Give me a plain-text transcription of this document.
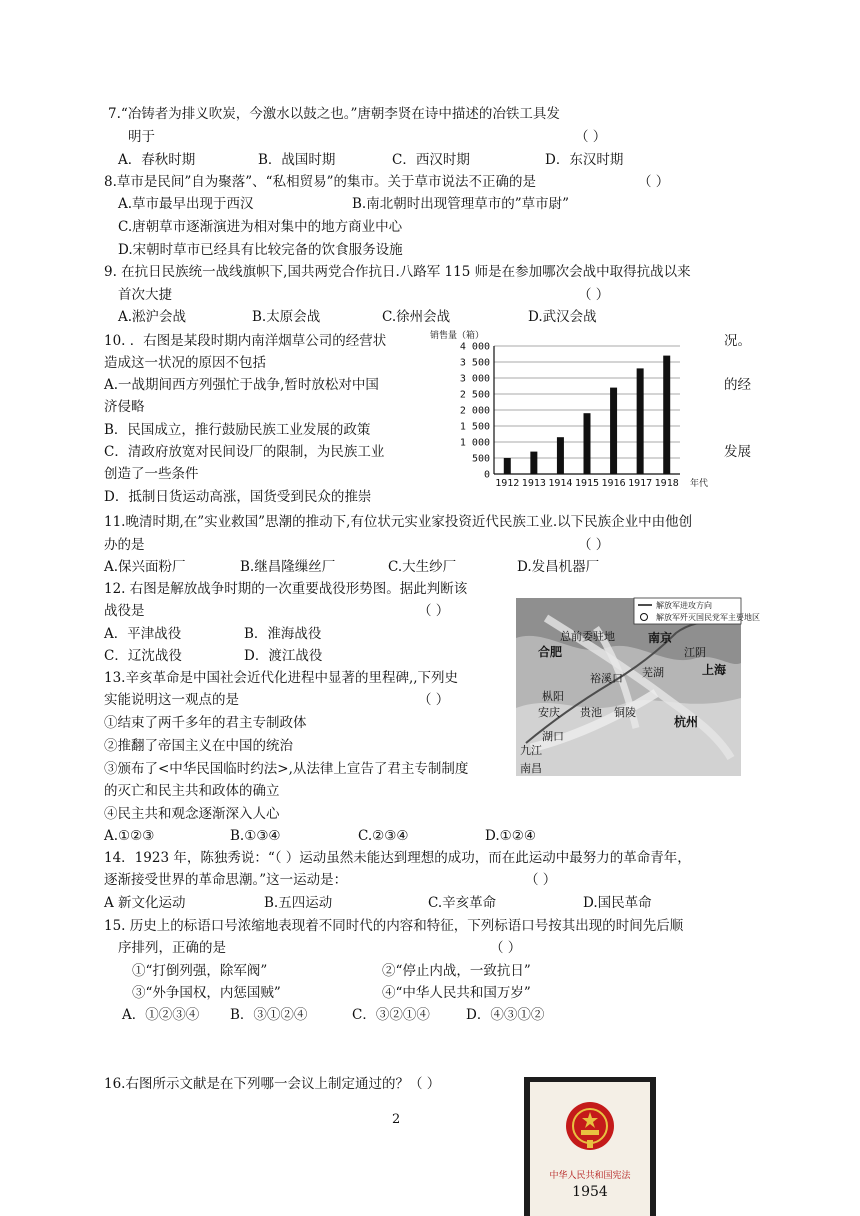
7.“冶铸者为排义吹炭，今激水以鼓之也。”唐朝李贤在诗中描述的冶铁工具发
明于	（ ）
A．春秋时期	B．战国时期	C．西汉时期	D．东汉时期
8.草市是民间”自为聚落”、“私相贸易”的集市。关于草市说法不正确的是	（ ）
A.草市最早出现于西汉	B.南北朝时出现管理草市的”草市尉”
C.唐朝草市逐渐演进为相对集中的地方商业中心
D.宋朝时草市已经具有比较完备的饮食服务设施
9. 在抗日民族统一战线旗帜下,国共两党合作抗日.八路军 115 师是在参加哪次会战中取得抗战以来
首次大捷	（ ）
A.淞沪会战	B.太原会战	C.徐州会战	D.武汉会战
10. ．右图是某段时期内南洋烟草公司的经营状	况。
造成这一状况的原因不包括
A.一战期间西方列强忙于战争,暂时放松对中国	的经
济侵略
B．民国成立，推行鼓励民族工业发展的政策
C．清政府放宽对民间设厂的限制，为民族工业	发展
创造了一些条件
D．抵制日货运动高涨，国货受到民众的推崇
0
500
1 000
1 500
2 000
2 500
3 000
3 500
4 000
1912 1913 1914 1915 1916 1917 1918
销售量（箱）
年代
11.晚清时期,在”实业救国”思潮的推动下,有位状元实业家投资近代民族工业.以下民族企业中由他创
办的是	（ ）
A.保兴面粉厂	B.继昌隆缫丝厂	C.大生纱厂	D.发昌机器厂
12. 右图是解放战争时期的一次重要战役形势图。据此判断该
战役是	（ ）
A．平津战役	B．淮海战役
C．辽沈战役	D．渡江战役
解放军进攻方向
解放军歼灭国民党军主要地区
总前委驻地	南京
江阴
合肥
上海
芜湖
裕溪口
枞阳
安庆 贵池 铜陵
杭州
湖口
九江
南昌
13.辛亥革命是中国社会近代化进程中显著的里程碑,,下列史
实能说明这一观点的是	（ ）
①结束了两千多年的君主专制政体
②推翻了帝国主义在中国的统治
③颁布了<中华民国临时约法>,从法律上宣告了君主专制制度
的灭亡和民主共和政体的确立
④民主共和观念逐渐深入人心
A.①②③	B.①③④	C.②③④	D.①②④
14．1923 年，陈独秀说：“（ ）运动虽然未能达到理想的成功，而在此运动中最努力的革命青年，
逐渐接受世界的革命思潮。”这一运动是：	（ ）
A 新文化运动	B.五四运动	C.辛亥革命	D.国民革命
15. 历史上的标语口号浓缩地表现着不同时代的内容和特征，下列标语口号按其出现的时间先后顺
序排列，正确的是	（ ）
①“打倒列强，除军阀”	②“停止内战，一致抗日”
③“外争国权，内惩国贼”	④“中华人民共和国万岁”
A．①②③④ B．③①②④	C．③②①④	D．④③①②
16.右图所示文献是在下列哪一会议上制定通过的？（ ）
2
中华人民共和国宪法
1954
